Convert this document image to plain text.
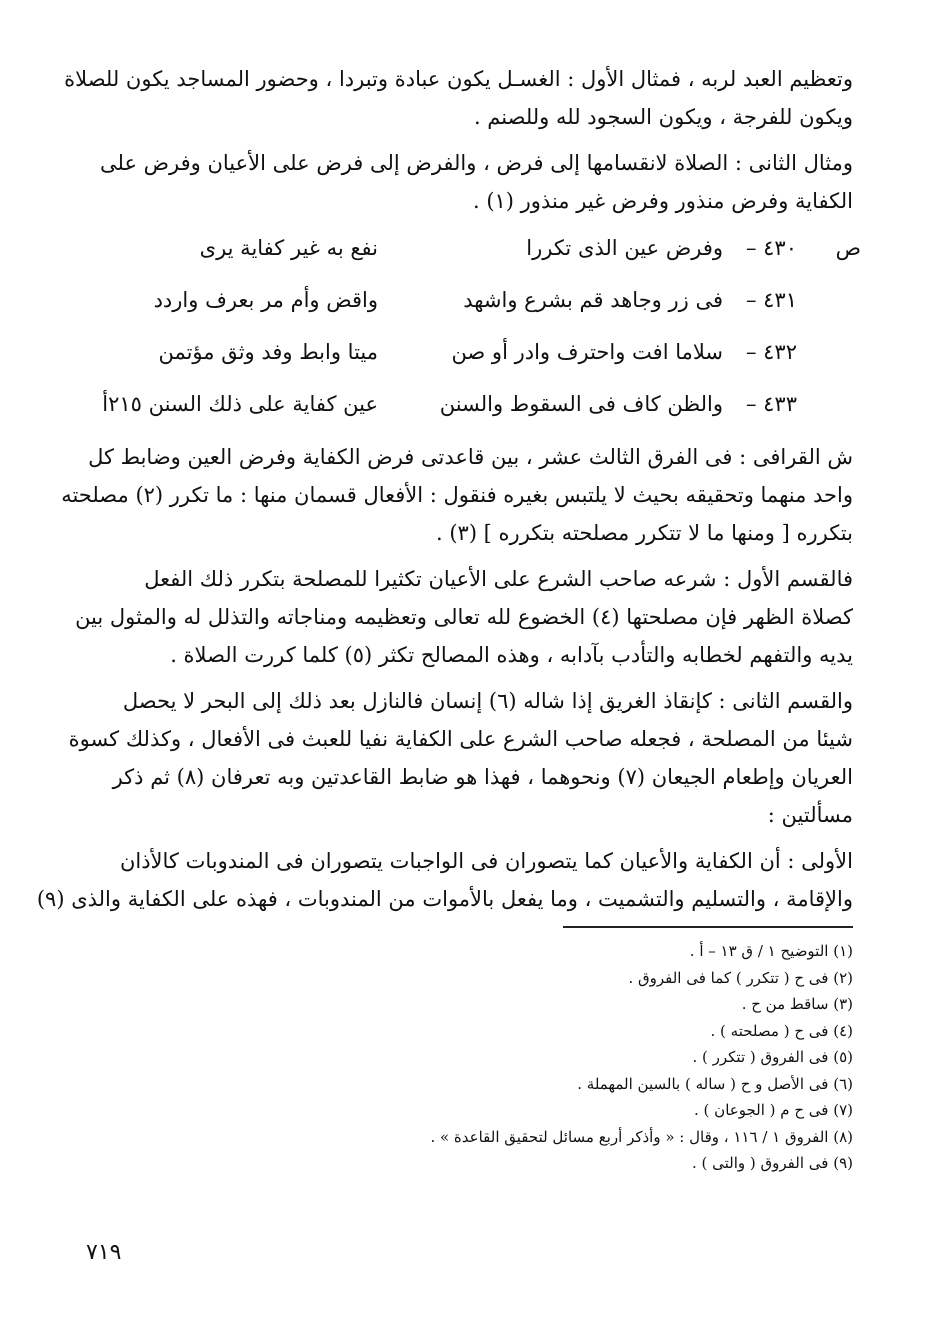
وتعظيم العبد لربه ، فمثال الأول : الغسـل يكون عبادة وتبردا ، وحضور المساجد يكون للصلاة
ويكون للفرجة ، ويكون السجود لله وللصنم .

ومثال الثانى : الصلاة لانقسامها إلى فرض ، والفرض إلى فرض على الأعيان وفرض على
الكفاية وفرض منذور وفرض غير منذور (١) .

ص
٤٣٠ –
وفرض عين الذى تكررا
نفع به غير كفاية يرى
٤٣١ –
فى زر وجاهد قم بشرع واشهد
واقض وأم مر بعرف واردد
٤٣٢ –
سلاما افت واحترف وادر أو صن
ميتا وابط وفد وثق مؤتمن
٤٣٣ –
والظن كاف فى السقوط والسنن
عين كفاية على ذلك السنن ٢١٥أ

ش القرافى : فى الفرق الثالث عشر ، بين قاعدتى فرض الكفاية وفرض العين وضابط كل
واحد منهما وتحقيقه بحيث لا يلتبس بغيره فنقول : الأفعال قسمان منها : ما تكرر (٢) مصلحته
بتكرره [ ومنها ما لا تتكرر مصلحته بتكرره ] (٣) .

فالقسم الأول : شرعه صاحب الشرع على الأعيان تكثيرا للمصلحة بتكرر ذلك الفعل
كصلاة الظهر فإن مصلحتها (٤) الخضوع لله تعالى وتعظيمه ومناجاته والتذلل له والمثول بين
يديه والتفهم لخطابه والتأدب بآدابه ، وهذه المصالح تكثر (٥) كلما كررت الصلاة .

والقسم الثانى : كإنقاذ الغريق إذا شاله (٦) إنسان فالنازل بعد ذلك إلى البحر لا يحصل
شيئا من المصلحة ، فجعله صاحب الشرع على الكفاية نفيا للعبث فى الأفعال ، وكذلك كسوة
العريان وإطعام الجيعان (٧) ونحوهما ، فهذا هو ضابط القاعدتين وبه تعرفان (٨) ثم ذكر
مسألتين :

الأولى : أن الكفاية والأعيان كما يتصوران فى الواجبات يتصوران فى المندوبات كالأذان
والإقامة ، والتسليم والتشميت ، وما يفعل بالأموات من المندوبات ، فهذه على الكفاية والذى (٩)

(١) التوضيح ١ / ق ١٣ – أ .
(٢) فى ح ( تتكرر ) كما فى الفروق .
(٣) ساقط من ح .
(٤) فى ح ( مصلحته ) .
(٥) فى الفروق ( تتكرر ) .
(٦) فى الأصل و ح ( ساله ) بالسين المهملة .
(٧) فى ح م ( الجوعان ) .
(٨) الفروق ١ / ١١٦ ، وقال : « وأذكر أربع مسائل لتحقيق القاعدة » .
(٩) فى الفروق ( والتى ) .
٧١٩
